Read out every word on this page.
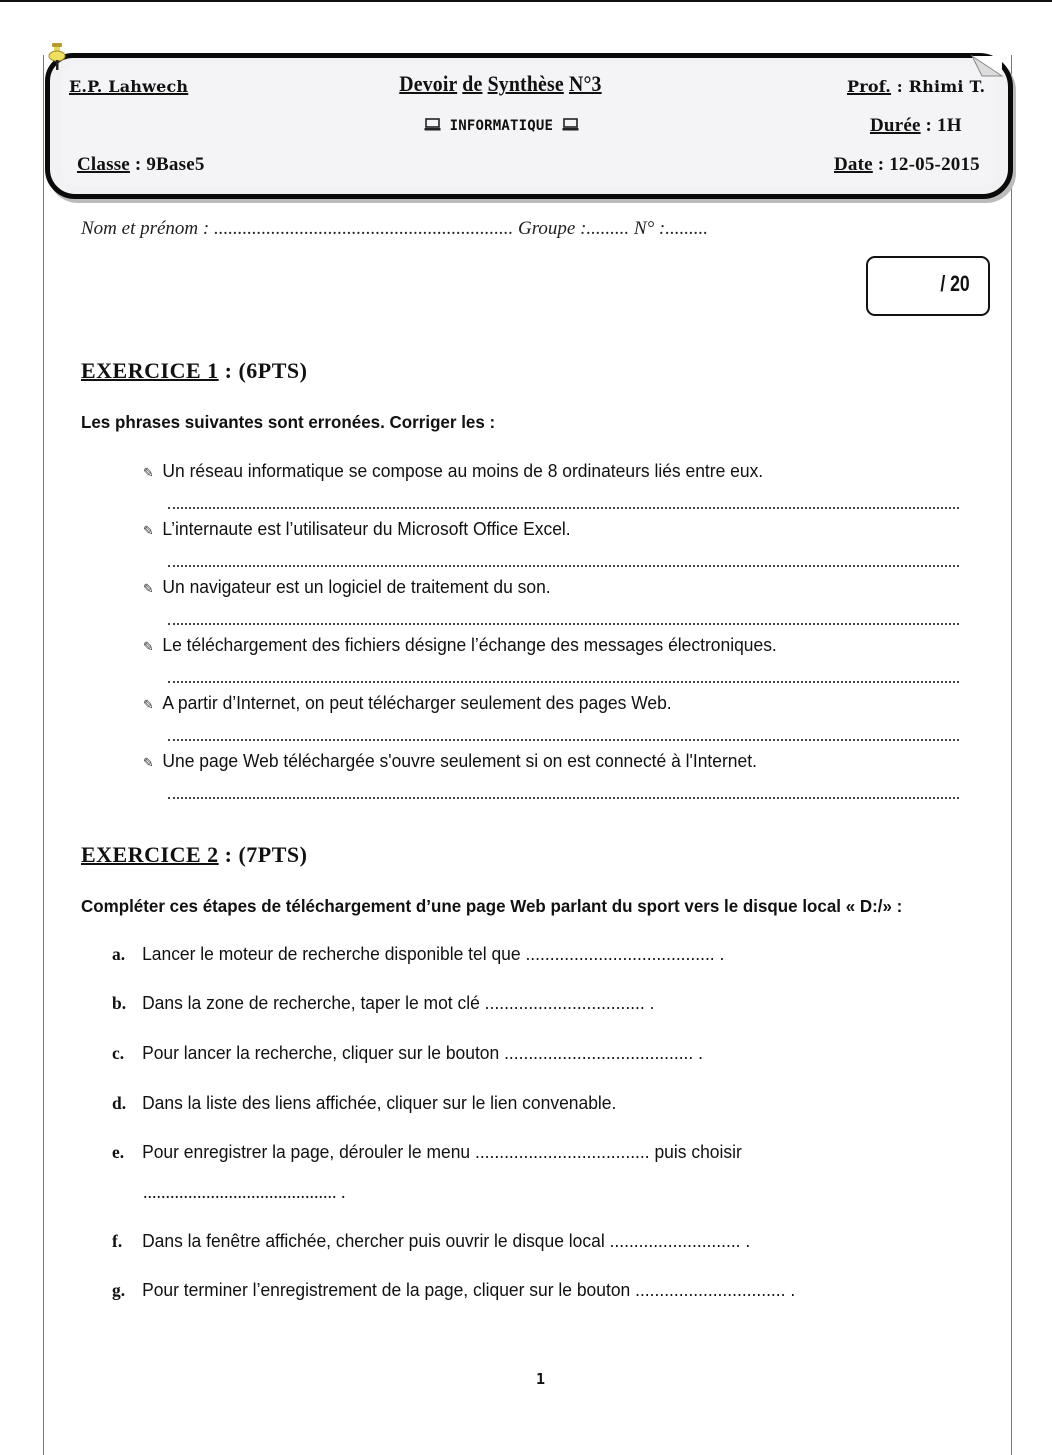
E.P. Lahwech	Devoir de Synthèse N°3
INFORMATIQUE
Prof. : Rhimi T.
Durée : 1H
Classe : 9Base5	Date : 12-05-2015
Nom et prénom : ............................................................... Groupe :......... N° :.........
/ 20
EXERCICE 1 : (6PTS)
Les phrases suivantes sont erronées. Corriger les :
✎ Un réseau informatique se compose au moins de 8 ordinateurs liés entre eux.
✎ L’internaute est l’utilisateur du Microsoft Office Excel.
✎ Un navigateur est un logiciel de traitement du son.
✎ Le téléchargement des fichiers désigne l’échange des messages électroniques.
✎ A partir d’Internet, on peut télécharger seulement des pages Web.
✎ Une page Web téléchargée s'ouvre seulement si on est connecté à l'Internet.
EXERCICE 2 : (7PTS)
Compléter ces étapes de téléchargement d’une page Web parlant du sport vers le disque local « D:/» :
a. Lancer le moteur de recherche disponible tel que ....................................... .
b. Dans la zone de recherche, taper le mot clé ................................. .
c. Pour lancer la recherche, cliquer sur le bouton ....................................... .
d. Dans la liste des liens affichée, cliquer sur le lien convenable.
e. Pour enregistrer la page, dérouler le menu .................................... puis choisir
........................................... .
f. Dans la fenêtre affichée, chercher puis ouvrir le disque local ........................... .
g. Pour terminer l’enregistrement de la page, cliquer sur le bouton ............................... .
1
